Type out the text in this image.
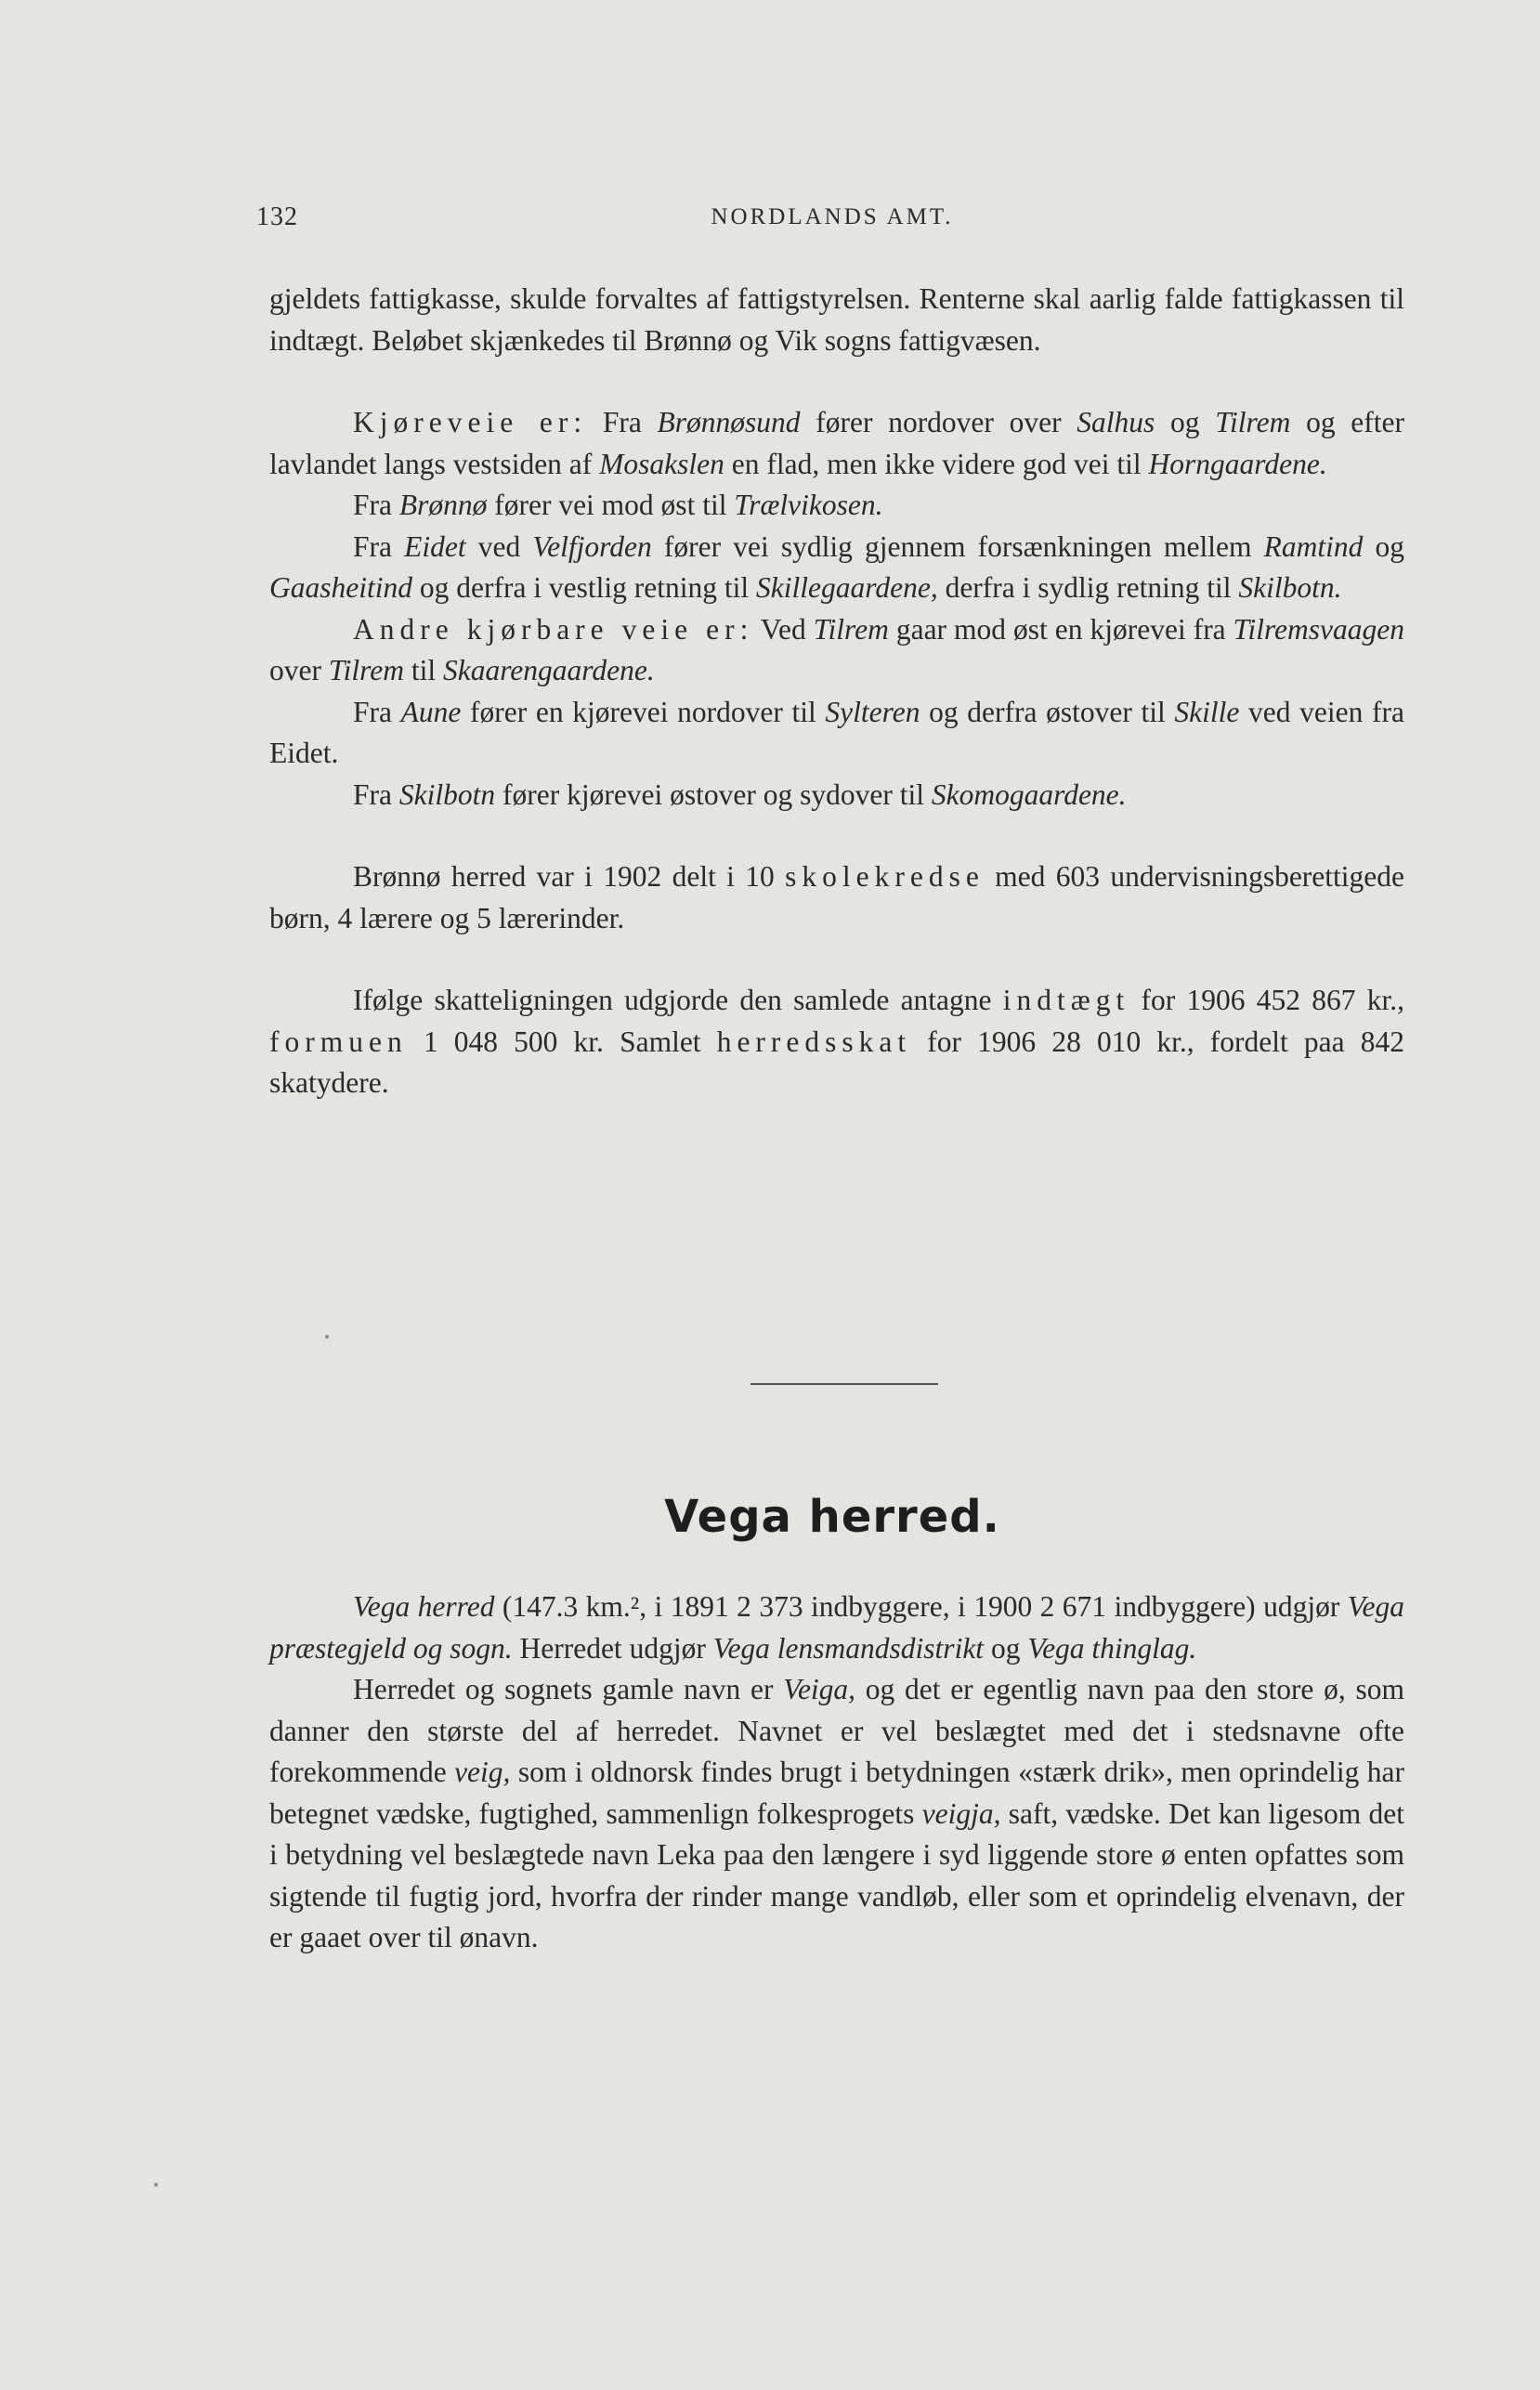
132	NORDLANDS AMT.

gjeldets fattigkasse, skulde forvaltes af fattigstyrelsen. Renterne skal aarlig falde fattigkassen til indtægt. Beløbet skjænkedes til Brønnø og Vik sogns fattigvæsen.

Kjøreveie er: Fra Brønnøsund fører nordover over Salhus og Tilrem og efter lavlandet langs vestsiden af Mosakslen en flad, men ikke videre god vei til Horngaardene.

Fra Brønnø fører vei mod øst til Trælvikosen.

Fra Eidet ved Velfjorden fører vei sydlig gjennem forsænkningen mellem Ramtind og Gaasheitind og derfra i vestlig retning til Skillegaardene, derfra i sydlig retning til Skilbotn.

Andre kjørbare veie er: Ved Tilrem gaar mod øst en kjørevei fra Tilremsvaagen over Tilrem til Skaarengaardene.

Fra Aune fører en kjørevei nordover til Sylteren og derfra østover til Skille ved veien fra Eidet.

Fra Skilbotn fører kjørevei østover og sydover til Skomogaardene.

Brønnø herred var i 1902 delt i 10 skolekredse med 603 undervisningsberettigede børn, 4 lærere og 5 lærerinder.

Ifølge skatteligningen udgjorde den samlede antagne indtægt for 1906 452 867 kr., formuen 1 048 500 kr. Samlet herredsskat for 1906 28 010 kr., fordelt paa 842 skatydere.

Vega herred.

Vega herred (147.3 km.², i 1891 2 373 indbyggere, i 1900 2 671 indbyggere) udgjør Vega præstegjeld og sogn. Herredet udgjør Vega lensmandsdistrikt og Vega thinglag.

Herredet og sognets gamle navn er Veiga, og det er egentlig navn paa den store ø, som danner den største del af herredet. Navnet er vel beslægtet med det i stedsnavne ofte forekommende veig, som i oldnorsk findes brugt i betydningen «stærk drik», men oprindelig har betegnet vædske, fugtighed, sammenlign folkesprogets veigja, saft, vædske. Det kan ligesom det i betydning vel beslægtede navn Leka paa den længere i syd liggende store ø enten opfattes som sigtende til fugtig jord, hvorfra der rinder mange vandløb, eller som et oprindelig elvenavn, der er gaaet over til ønavn.
